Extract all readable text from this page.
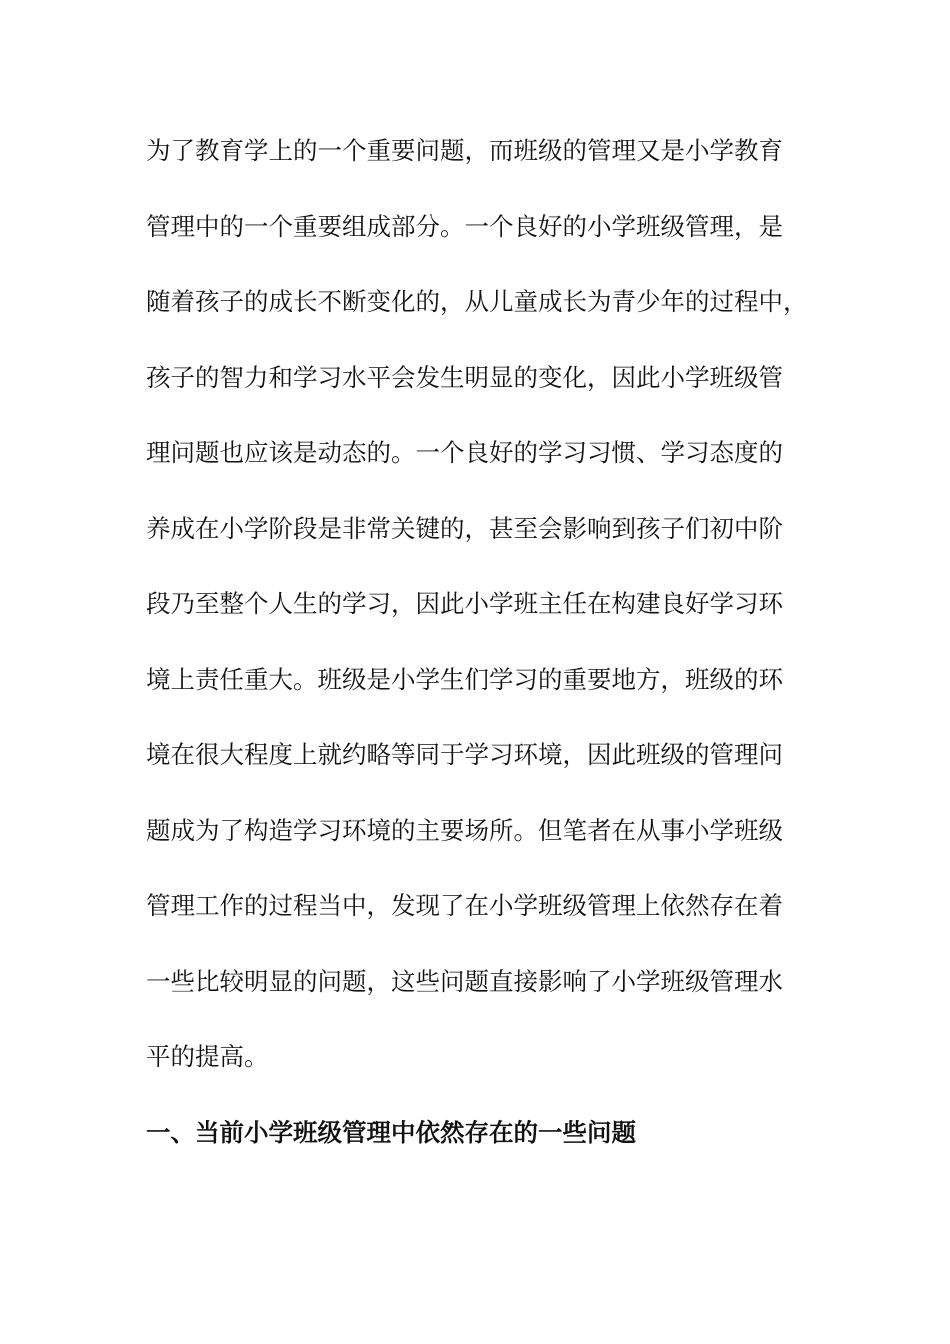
为了教育学上的一个重要问题，而班级的管理又是小学教育
管理中的一个重要组成部分。一个良好的小学班级管理，是
随着孩子的成长不断变化的，从儿童成长为青少年的过程中，
孩子的智力和学习水平会发生明显的变化，因此小学班级管
理问题也应该是动态的。一个良好的学习习惯、学习态度的
养成在小学阶段是非常关键的，甚至会影响到孩子们初中阶
段乃至整个人生的学习，因此小学班主任在构建良好学习环
境上责任重大。班级是小学生们学习的重要地方，班级的环
境在很大程度上就约略等同于学习环境，因此班级的管理问
题成为了构造学习环境的主要场所。但笔者在从事小学班级
管理工作的过程当中，发现了在小学班级管理上依然存在着
一些比较明显的问题，这些问题直接影响了小学班级管理水
平的提高。
一、当前小学班级管理中依然存在的一些问题
